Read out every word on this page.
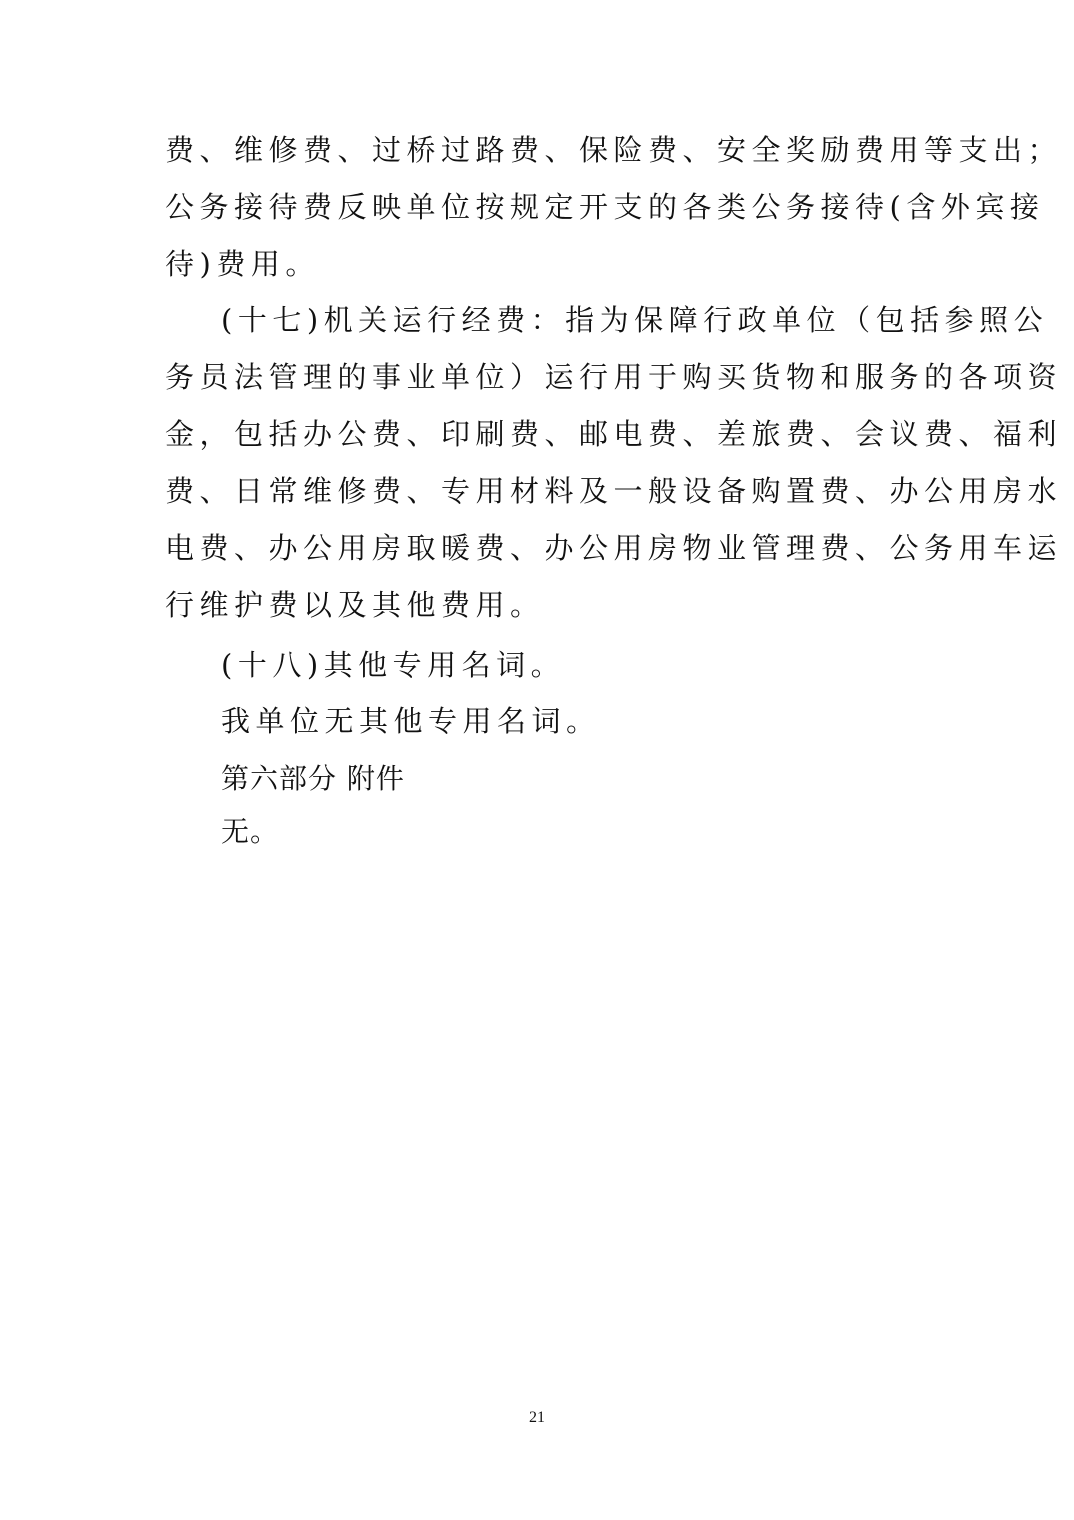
费、维修费、过桥过路费、保险费、安全奖励费用等支出；
公务接待费反映单位按规定开支的各类公务接待(含外宾接
待)费用。
(十七)机关运行经费：指为保障行政单位（包括参照公
务员法管理的事业单位）运行用于购买货物和服务的各项资
金，包括办公费、印刷费、邮电费、差旅费、会议费、福利
费、日常维修费、专用材料及一般设备购置费、办公用房水
电费、办公用房取暖费、办公用房物业管理费、公务用车运
行维护费以及其他费用。
(十八)其他专用名词。
我单位无其他专用名词。
第六部分 附件
无。
21
